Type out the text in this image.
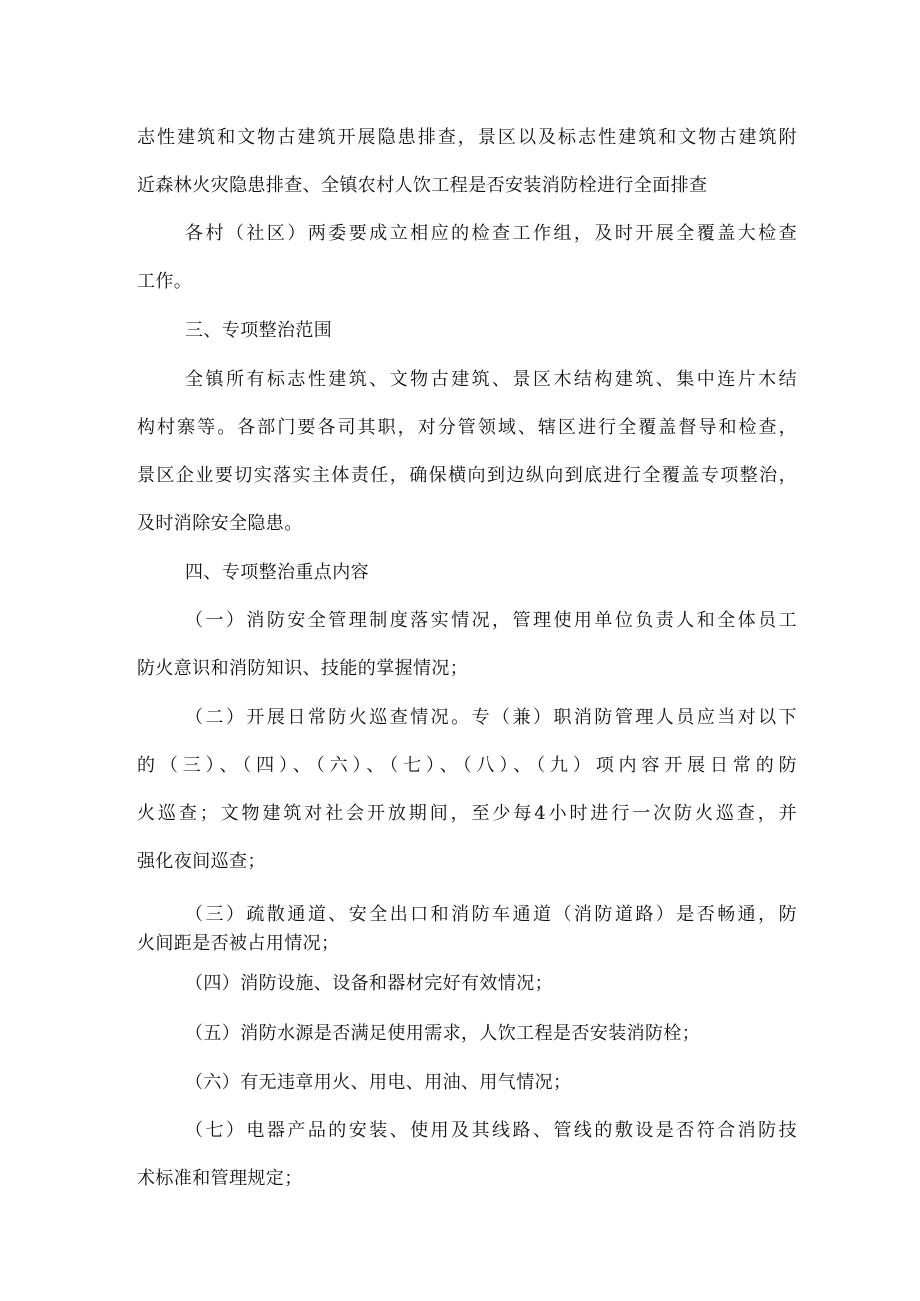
志性建筑和文物古建筑开展隐患排查，景区以及标志性建筑和文物古建筑附
近森林火灾隐患排查、全镇农村人饮工程是否安装消防栓进行全面排查
各村（社区）两委要成立相应的检查工作组，及时开展全覆盖大检查
工作。
三、专项整治范围
全镇所有标志性建筑、文物古建筑、景区木结构建筑、集中连片木结
构村寨等。各部门要各司其职，对分管领域、辖区进行全覆盖督导和检查，
景区企业要切实落实主体责任，确保横向到边纵向到底进行全覆盖专项整治，
及时消除安全隐患。
四、专项整治重点内容
（一）消防安全管理制度落实情况，管理使用单位负责人和全体员工
防火意识和消防知识、技能的掌握情况；
（二）开展日常防火巡查情况。专（兼）职消防管理人员应当对以下
的（三）、（四）、（六）、（七）、（八）、（九）项内容开展日常的防
火巡查；文物建筑对社会开放期间，至少每4小时进行一次防火巡查，并
强化夜间巡查；
（三）疏散通道、安全出口和消防车通道（消防道路）是否畅通，防
火间距是否被占用情况；
（四）消防设施、设备和器材完好有效情况；
（五）消防水源是否满足使用需求，人饮工程是否安装消防栓；
（六）有无违章用火、用电、用油、用气情况；
（七）电器产品的安装、使用及其线路、管线的敷设是否符合消防技
术标准和管理规定；
